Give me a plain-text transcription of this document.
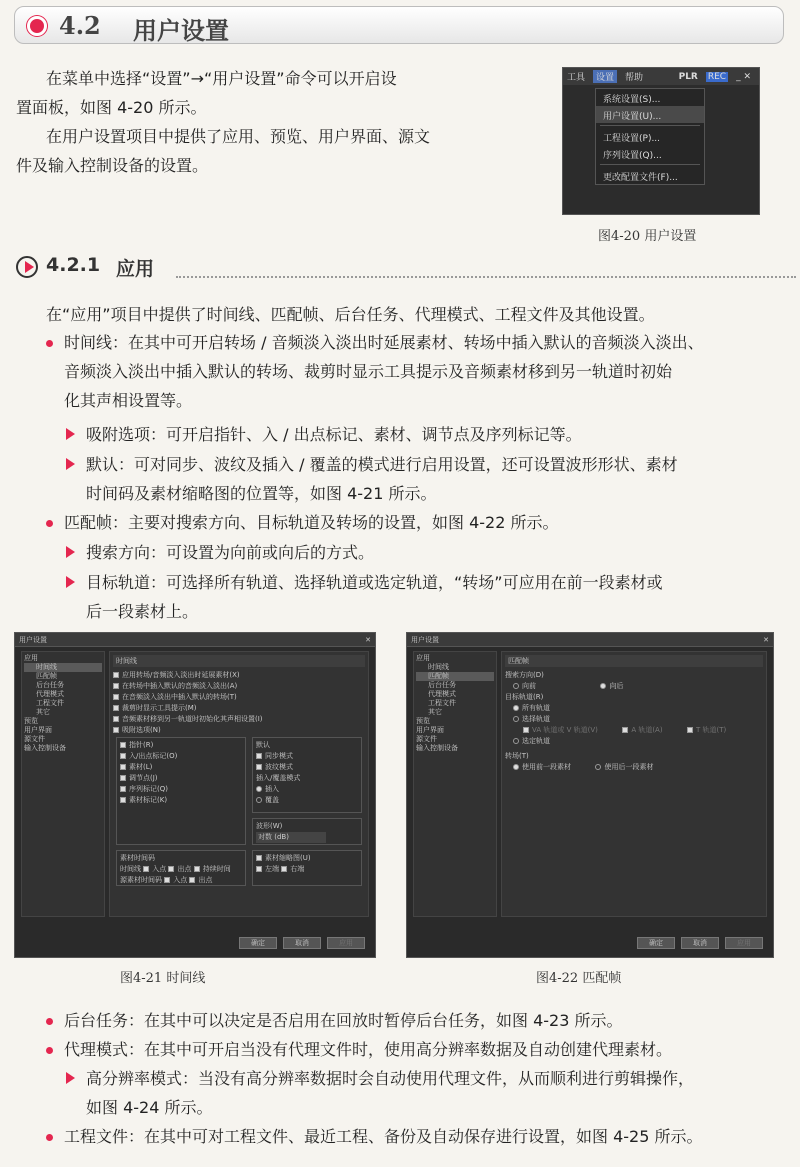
4.2 用户设置

在菜单中选择“设置”→“用户设置”命令可以开启设

置面板，如图 4-20 所示。

在用户设置项目中提供了应用、预览、用户界面、源文

件及输入控制设备的设置。

工具	设置	帮助	PLR REC _ ✕
系统设置(S)...
用户设置(U)...
工程设置(P)...
序列设置(Q)...
更改配置文件(F)...
图4-20 用户设置
4.2.1 应用

在“应用”项目中提供了时间线、匹配帧、后台任务、代理模式、工程文件及其他设置。

时间线：在其中可开启转场 / 音频淡入淡出时延展素材、转场中插入默认的音频淡入淡出、

音频淡入淡出中插入默认的转场、裁剪时显示工具提示及音频素材移到另一轨道时初始

化其声相设置等。

吸附选项：可开启指针、入 / 出点标记、素材、调节点及序列标记等。

默认：可对同步、波纹及插入 / 覆盖的模式进行启用设置，还可设置波形形状、素材

时间码及素材缩略图的位置等，如图 4-21 所示。

匹配帧：主要对搜索方向、目标轨道及转场的设置，如图 4-22 所示。

搜索方向：可设置为向前或向后的方式。

目标轨道：可选择所有轨道、选择轨道或选定轨道，“转场”可应用在前一段素材或

后一段素材上。

用户设置	✕
应用
时间线
匹配帧
后台任务
代理模式
工程文件
其它
预览
用户界面
源文件
输入控制设备
时间线
应用转场/音频淡入淡出时延展素材(X)
在转场中插入默认的音频淡入淡出(A)
在音频淡入淡出中插入默认的转场(T)
裁剪时显示工具提示(M)
音频素材移到另一轨道时初始化其声相设置(I)
吸附选项(N)
指针(R)
入/出点标记(O)
素材(L)
调节点(J)
序列标记(Q)
素材标记(K)
默认
同步模式
波纹模式
插入/覆盖模式
插入
覆盖
波形(W)
对数 (dB)
素材时间码
时间线 入点 出点 持续时间
源素材时间码 入点 出点
素材缩略图(U)
左端 右端
确定	取消	应用
图4-21 时间线
用户设置	✕
应用
时间线
匹配帧
后台任务
代理模式
工程文件
其它
预览
用户界面
源文件
输入控制设备
匹配帧
搜索方向(D)
向前	向后
目标轨道(R)
所有轨道
选择轨道
VA 轨道或 V 轨道(V)	A 轨道(A)	T 轨道(T)
选定轨道
转场(T)
使用前一段素材	使用后一段素材
确定	取消	应用
图4-22 匹配帧

后台任务：在其中可以决定是否启用在回放时暂停后台任务，如图 4-23 所示。

代理模式：在其中可开启当没有代理文件时，使用高分辨率数据及自动创建代理素材。

高分辨率模式：当没有高分辨率数据时会自动使用代理文件，从而顺利进行剪辑操作，

如图 4-24 所示。

工程文件：在其中可对工程文件、最近工程、备份及自动保存进行设置，如图 4-25 所示。
